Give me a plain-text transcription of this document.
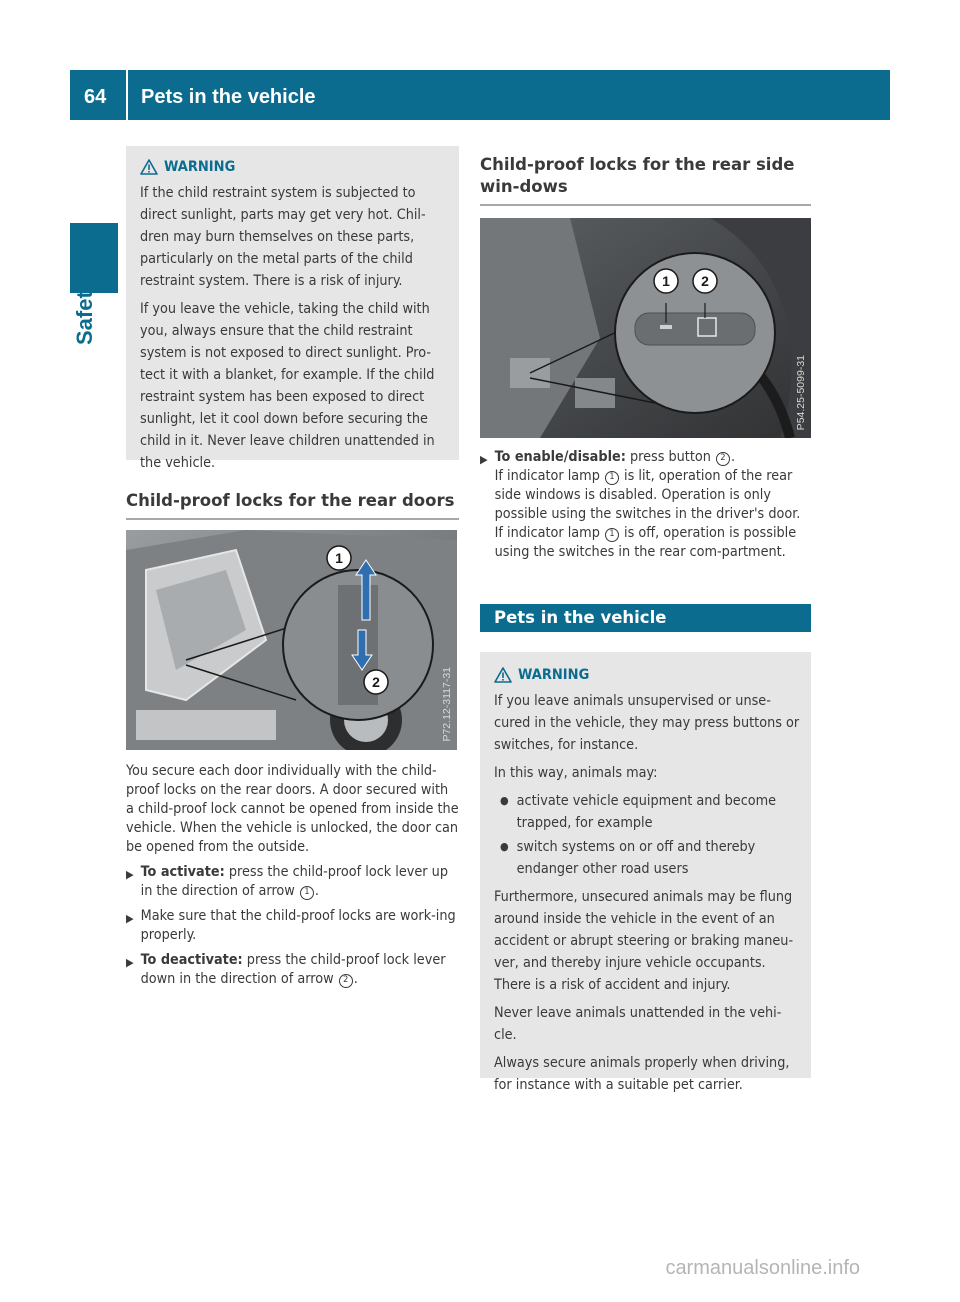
64 Pets in the vehicle
Safety
WARNING

If the child restraint system is subjected to direct sunlight, parts may get very hot. Chil-dren may burn themselves on these parts, particularly on the metal parts of the child restraint system. There is a risk of injury.

If you leave the vehicle, taking the child with you, always ensure that the child restraint system is not exposed to direct sunlight. Pro-tect it with a blanket, for example. If the child restraint system has been exposed to direct sunlight, let it cool down before securing the child in it. Never leave children unattended in the vehicle.

Child-proof locks for the rear doors
1
2	P72.12-3117-31

You secure each door individually with the child-proof locks on the rear doors. A door secured with a child-proof lock cannot be opened from inside the vehicle. When the vehicle is unlocked, the door can be opened from the outside.

▶ To activate: press the child-proof lock lever up in the direction of arrow 1 .
▶ Make sure that the child-proof locks are work-ing properly.
▶ To deactivate: press the child-proof lock lever down in the direction of arrow 2 .
Child-proof locks for the rear side win-dows
1 2
P54.25-5099-31
▶ To enable/disable: press button 2 .
If indicator lamp 1 is lit, operation of the rear side windows is disabled. Operation is only possible using the switches in the driver's door. If indicator lamp 1 is off, operation is possible using the switches in the rear com-partment.
Pets in the vehicle
WARNING

If you leave animals unsupervised or unse-cured in the vehicle, they may press buttons or switches, for instance.

In this way, animals may:

● activate vehicle equipment and become trapped, for example
● switch systems on or off and thereby endanger other road users

Furthermore, unsecured animals may be flung around inside the vehicle in the event of an accident or abrupt steering or braking maneu-ver, and thereby injure vehicle occupants. There is a risk of accident and injury.

Never leave animals unattended in the vehi-cle.

Always secure animals properly when driving, for instance with a suitable pet carrier.

carmanualsonline.info
